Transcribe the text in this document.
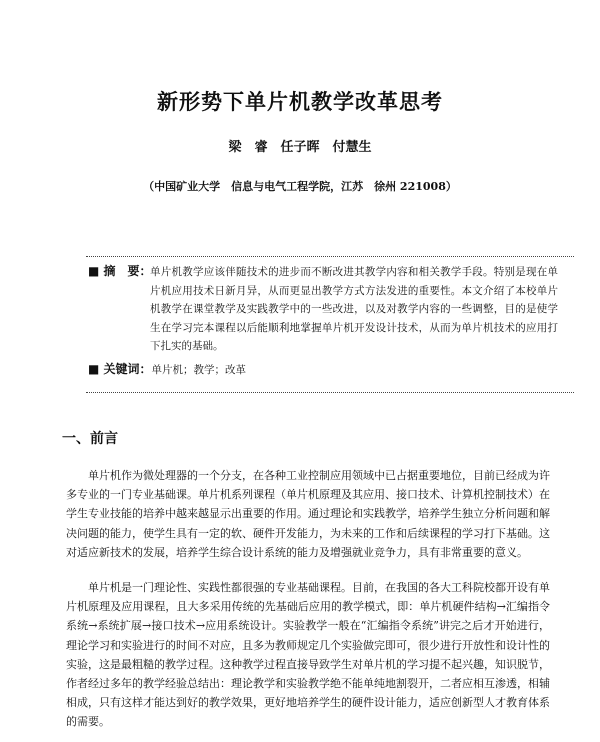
新形势下单片机教学改革思考
梁　睿　任子晖　付慧生
（中国矿业大学　信息与电气工程学院，江苏　徐州 221008）
■ 摘　要：
单片机教学应该伴随技术的进步而不断改进其教学内容和相关教学手段。特别是现在单片机应用技术日新月异，从而更显出教学方式方法发进的重要性。本文介绍了本校单片机教学在课堂教学及实践教学中的一些改进，以及对教学内容的一些调整，目的是使学生在学习完本课程以后能顺利地掌握单片机开发设计技术，从而为单片机技术的应用打下扎实的基础。
■ 关键词：单片机；教学；改革
一、前言

单片机作为微处理器的一个分支，在各种工业控制应用领域中已占据重要地位，目前已经成为许多专业的一门专业基础课。单片机系列课程（单片机原理及其应用、接口技术、计算机控制技术）在学生专业技能的培养中越来越显示出重要的作用。通过理论和实践教学，培养学生独立分析问题和解决问题的能力，使学生具有一定的软、硬件开发能力，为未来的工作和后续课程的学习打下基础。这对适应新技术的发展，培养学生综合设计系统的能力及增强就业竞争力，具有非常重要的意义。

单片机是一门理论性、实践性都很强的专业基础课程。目前，在我国的各大工科院校都开设有单片机原理及应用课程，且大多采用传统的先基础后应用的教学模式，即：单片机硬件结构→汇编指令系统→系统扩展→接口技术→应用系统设计。实验教学一般在“汇编指令系统”讲完之后才开始进行，理论学习和实验进行的时间不对应，且多为教师规定几个实验做完即可，很少进行开放性和设计性的实验，这是最粗糙的教学过程。这种教学过程直接导致学生对单片机的学习提不起兴趣，知识脱节，作者经过多年的教学经验总结出：理论教学和实验教学绝不能单纯地割裂开，二者应相互渗透，相辅相成，只有这样才能达到好的教学效果，更好地培养学生的硬件设计能力，适应创新型人才教育体系的需要。
